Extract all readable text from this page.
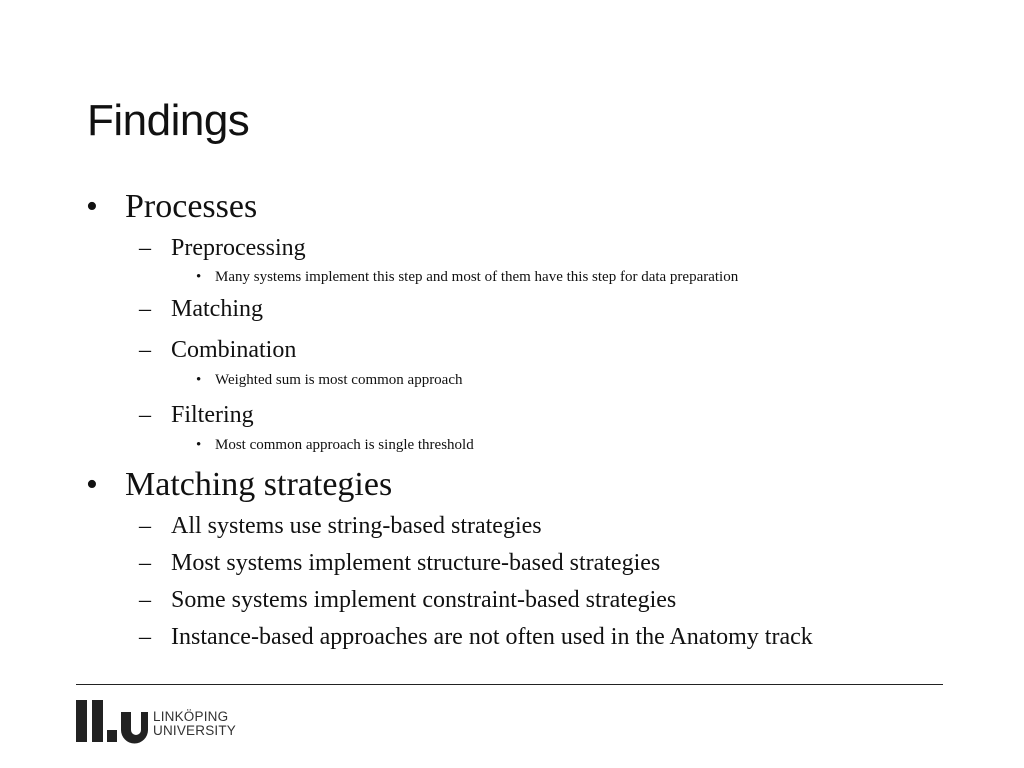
Findings
• Processes
– Preprocessing
• Many systems implement this step and most of them have this step for data preparation
– Matching
– Combination
• Weighted sum is most common approach
– Filtering
• Most common approach is single threshold
• Matching strategies
– All systems use string-based strategies
– Most systems implement structure-based strategies
– Some systems implement constraint-based strategies
– Instance-based approaches are not often used in the Anatomy track
LINKÖPING
UNIVERSITY
